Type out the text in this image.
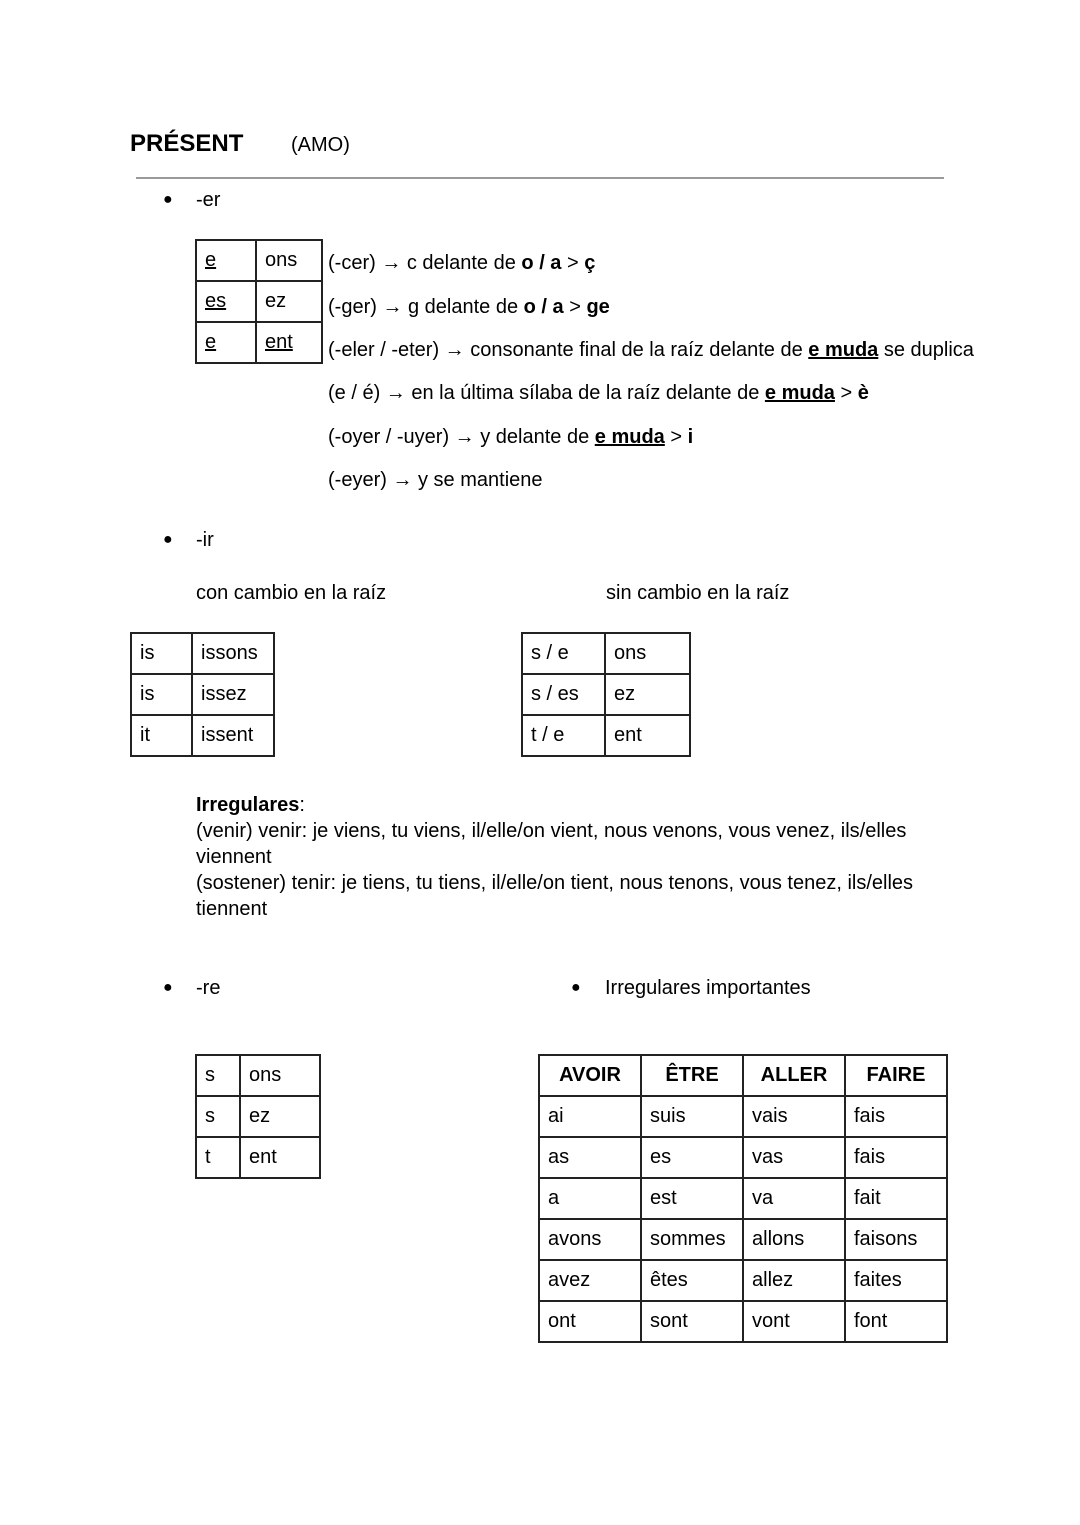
PRÉSENT (AMO)
● -er
e	ons
es	ez
e	ent

(-cer) → c delante de o / a > ç

(-ger) → g delante de o / a > ge

(-eler / -eter) → consonante final de la raíz delante de e muda se duplica

(e / é) → en la última sílaba de la raíz delante de e muda > è

(-oyer / -uyer) → y delante de e muda > i

(-eyer) → y se mantiene

● -ir
con cambio en la raíz	sin cambio en la raíz
is	issons
is	issez
it	issent
s / e	ons
s / es	ez
t / e	ent
Irregulares:
(venir) venir: je viens, tu viens, il/elle/on vient, nous venons, vous venez, ils/elles viennent
(sostener) tenir: je tiens, tu tiens, il/elle/on tient, nous tenons, vous tenez, ils/elles tiennent
● -re
s	ons
s	ez
t	ent
● Irregulares importantes
AVOIR	ÊTRE	ALLER	FAIRE
ai	suis	vais	fais
as	es	vas	fais
a	est	va	fait
avons	sommes	allons	faisons
avez	êtes	allez	faites
ont	sont	vont	font
